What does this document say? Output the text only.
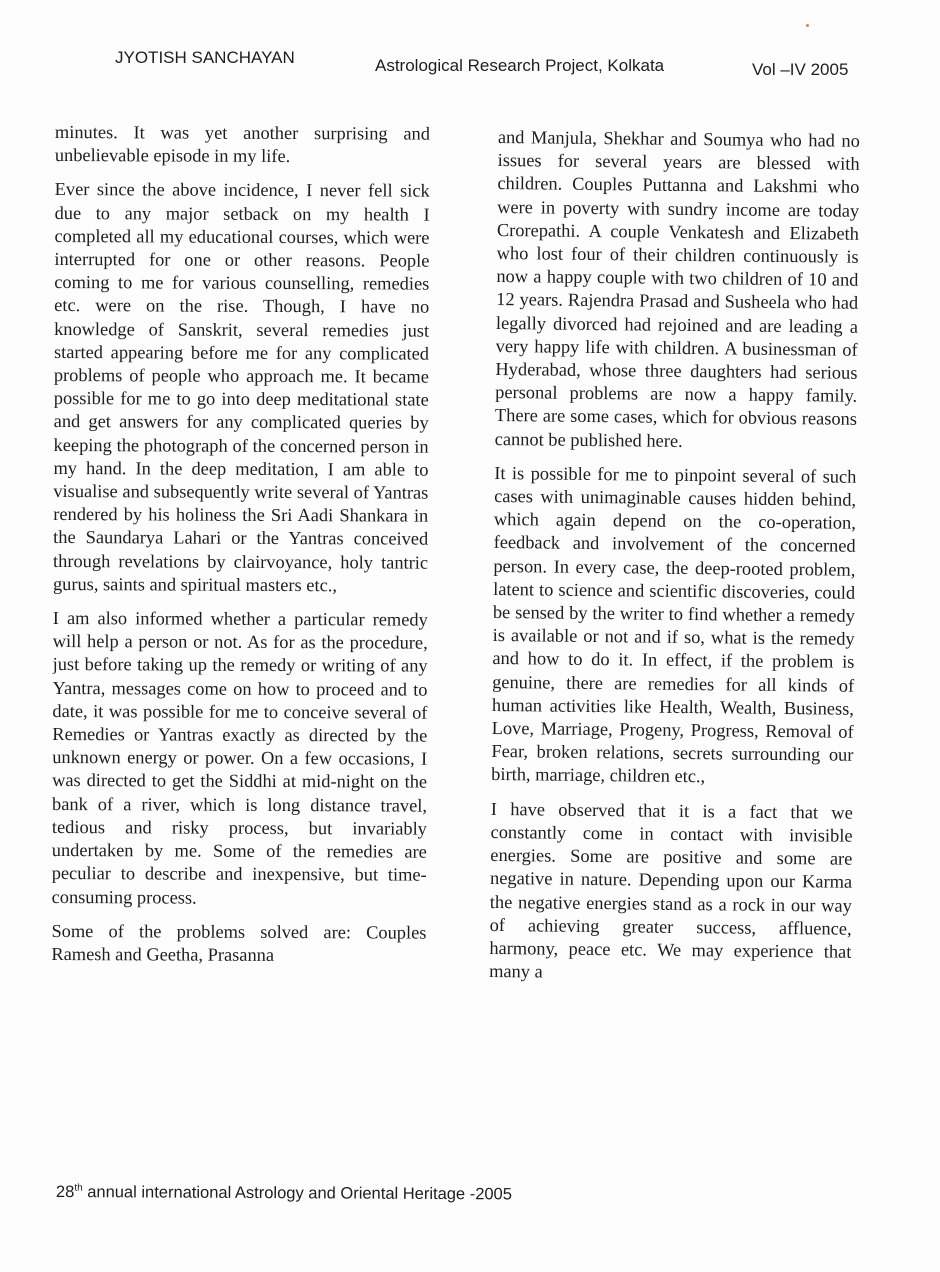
JYOTISH SANCHAYAN	Astrological Research Project, Kolkata	Vol –IV 2005

minutes. It was yet another surprising and unbelievable episode in my life.

Ever since the above incidence, I never fell sick due to any major setback on my health I completed all my educational courses, which were interrupted for one or other reasons. People coming to me for various counselling, remedies etc. were on the rise. Though, I have no knowledge of Sanskrit, several remedies just started appearing before me for any complicated problems of people who approach me. It became possible for me to go into deep meditational state and get answers for any complicated queries by keeping the photograph of the concerned person in my hand. In the deep meditation, I am able to visualise and subsequently write several of Yantras rendered by his holiness the Sri Aadi Shankara in the Saundarya Lahari or the Yantras conceived through revelations by clairvoyance, holy tantric gurus, saints and spiritual masters etc.,

I am also informed whether a particular remedy will help a person or not. As for as the procedure, just before taking up the remedy or writing of any Yantra, messages come on how to proceed and to date, it was possible for me to conceive several of Remedies or Yantras exactly as directed by the unknown energy or power. On a few occasions, I was directed to get the Siddhi at mid-night on the bank of a river, which is long distance travel, tedious and risky process, but invariably undertaken by me. Some of the remedies are peculiar to describe and inexpensive, but time-consuming process.

Some of the problems solved are: Couples Ramesh and Geetha, Prasanna

and Manjula, Shekhar and Soumya who had no issues for several years are blessed with children. Couples Puttanna and Lakshmi who were in poverty with sundry income are today Crorepathi. A couple Venkatesh and Elizabeth who lost four of their children continuously is now a happy couple with two children of 10 and 12 years. Rajendra Prasad and Susheela who had legally divorced had rejoined and are leading a very happy life with children. A businessman of Hyderabad, whose three daughters had serious personal problems are now a happy family. There are some cases, which for obvious reasons cannot be published here.

It is possible for me to pinpoint several of such cases with unimaginable causes hidden behind, which again depend on the co-operation, feedback and involvement of the concerned person. In every case, the deep-rooted problem, latent to science and scientific discoveries, could be sensed by the writer to find whether a remedy is available or not and if so, what is the remedy and how to do it. In effect, if the problem is genuine, there are remedies for all kinds of human activities like Health, Wealth, Business, Love, Marriage, Progeny, Progress, Removal of Fear, broken relations, secrets surrounding our birth, marriage, children etc.,

I have observed that it is a fact that we constantly come in contact with invisible energies. Some are positive and some are negative in nature. Depending upon our Karma the negative energies stand as a rock in our way of achieving greater success, affluence, harmony, peace etc. We may experience that many a

28th annual international Astrology and Oriental Heritage -2005
